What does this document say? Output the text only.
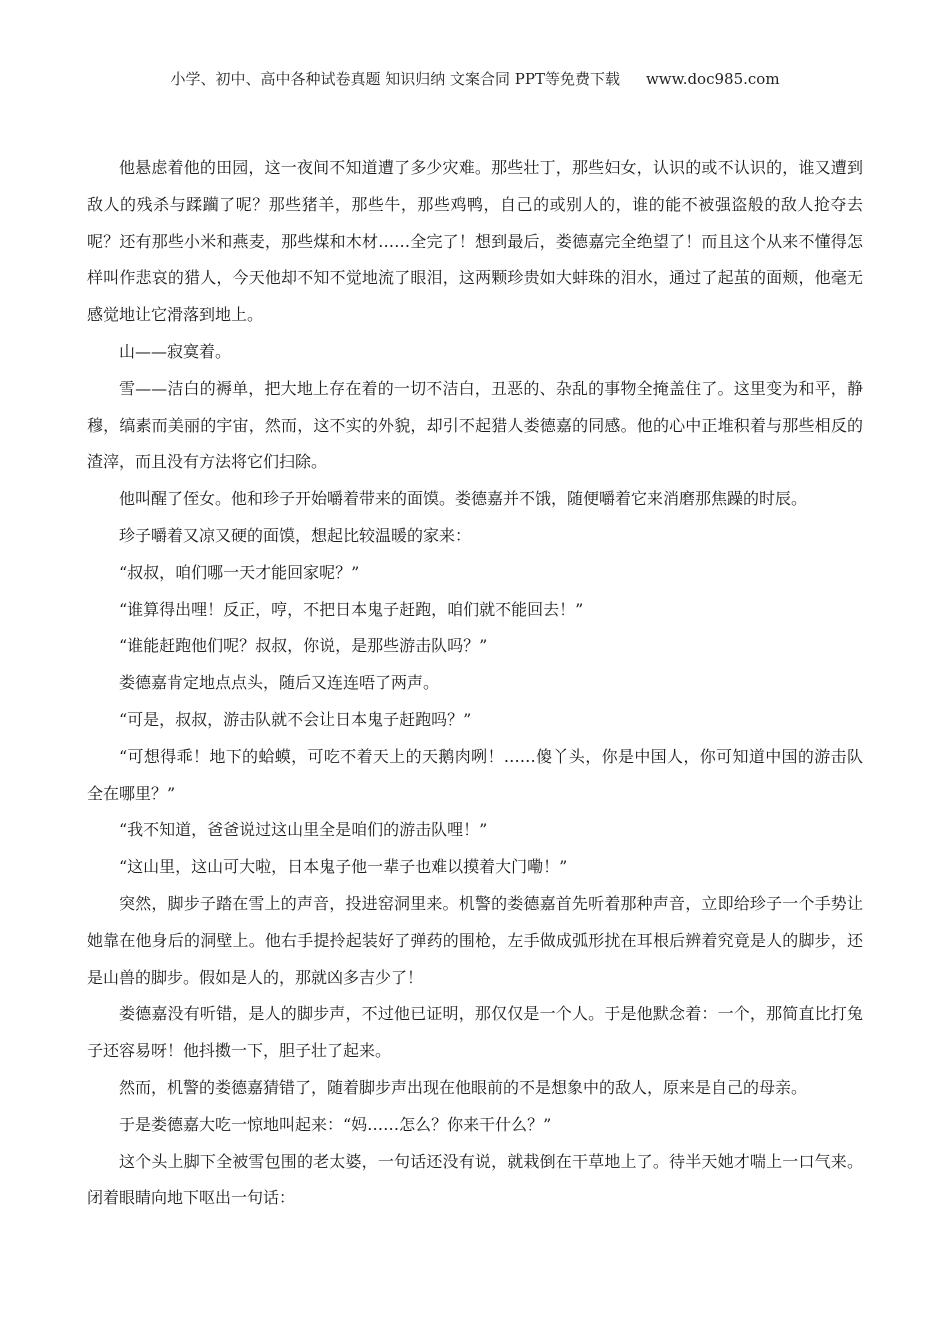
小学、初中、高中各种试卷真题 知识归纳 文案合同 PPT等免费下载 www.doc985.com

他悬虑着他的田园，这一夜间不知道遭了多少灾难。那些壮丁，那些妇女，认识的或不认识的，谁又遭到敌人的残杀与蹂躏了呢？那些猪羊，那些牛，那些鸡鸭，自己的或别人的，谁的能不被强盗般的敌人抢夺去呢？还有那些小米和燕麦，那些煤和木材……全完了！想到最后，娄德嘉完全绝望了！而且这个从来不懂得怎样叫作悲哀的猎人，今天他却不知不觉地流了眼泪，这两颗珍贵如大蚌珠的泪水，通过了起茧的面颊，他毫无感觉地让它滑落到地上。

山——寂寞着。

雪——洁白的褥单，把大地上存在着的一切不洁白，丑恶的、杂乱的事物全掩盖住了。这里变为和平，静穆，缟素而美丽的宇宙，然而，这不实的外貌，却引不起猎人娄德嘉的同感。他的心中正堆积着与那些相反的渣滓，而且没有方法将它们扫除。

他叫醒了侄女。他和珍子开始嚼着带来的面馍。娄德嘉并不饿，随便嚼着它来消磨那焦躁的时辰。

珍子嚼着又凉又硬的面馍，想起比较温暖的家来：

“叔叔，咱们哪一天才能回家呢？”

“谁算得出哩！反正，哼，不把日本鬼子赶跑，咱们就不能回去！”

“谁能赶跑他们呢？叔叔，你说，是那些游击队吗？”

娄德嘉肯定地点点头，随后又连连唔了两声。

“可是，叔叔，游击队就不会让日本鬼子赶跑吗？”

“可想得乖！地下的蛤蟆，可吃不着天上的天鹅肉咧！……傻丫头，你是中国人，你可知道中国的游击队全在哪里？”

“我不知道，爸爸说过这山里全是咱们的游击队哩！”

“这山里，这山可大啦，日本鬼子他一辈子也难以摸着大门嘞！”

突然，脚步子踏在雪上的声音，投进窑洞里来。机警的娄德嘉首先听着那种声音，立即给珍子一个手势让她靠在他身后的洞壁上。他右手提拎起装好了弹药的围枪，左手做成弧形扰在耳根后辨着究竟是人的脚步，还是山兽的脚步。假如是人的，那就凶多吉少了！

娄德嘉没有听错，是人的脚步声，不过他已证明，那仅仅是一个人。于是他默念着：一个，那简直比打兔子还容易呀！他抖擞一下，胆子壮了起来。

然而，机警的娄德嘉猜错了，随着脚步声出现在他眼前的不是想象中的敌人，原来是自己的母亲。

于是娄德嘉大吃一惊地叫起来：“妈……怎么？你来干什么？”

这个头上脚下全被雪包围的老太婆，一句话还没有说，就栽倒在干草地上了。待半天她才喘上一口气来。闭着眼睛向地下呕出一句话：
